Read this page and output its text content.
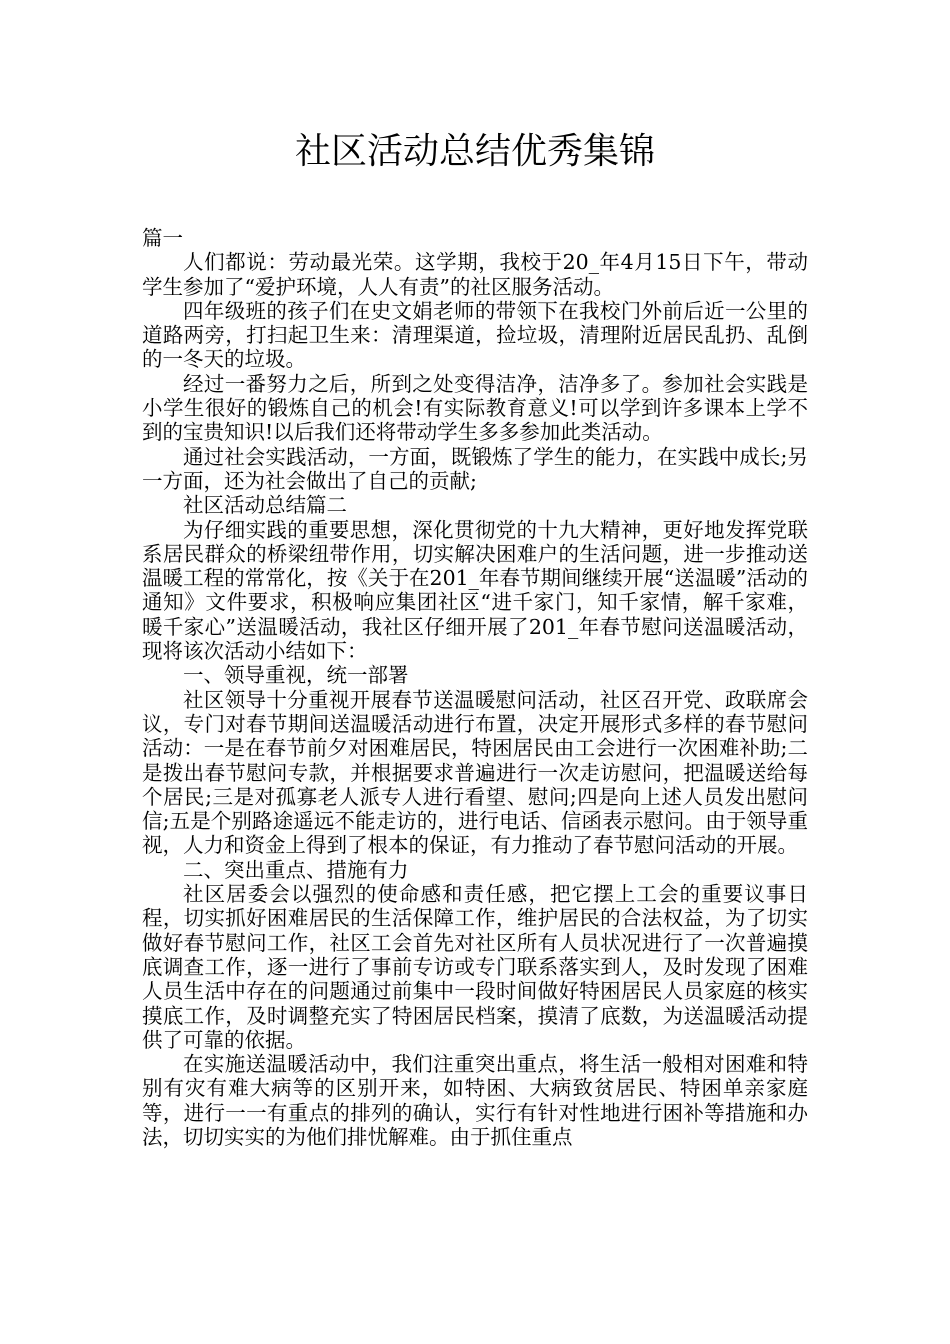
社区活动总结优秀集锦

篇一

人们都说：劳动最光荣。这学期，我校于20_年4月15日下午，带动学生参加了“爱护环境，人人有责”的社区服务活动。

四年级班的孩子们在史文娟老师的带领下在我校门外前后近一公里的道路两旁，打扫起卫生来：清理渠道，捡垃圾，清理附近居民乱扔、乱倒的一冬天的垃圾。

经过一番努力之后，所到之处变得洁净，洁净多了。参加社会实践是小学生很好的锻炼自己的机会!有实际教育意义!可以学到许多课本上学不到的宝贵知识!以后我们还将带动学生多多参加此类活动。

通过社会实践活动，一方面，既锻炼了学生的能力，在实践中成长;另一方面，还为社会做出了自己的贡献;

社区活动总结篇二

为仔细实践的重要思想，深化贯彻党的十九大精神，更好地发挥党联系居民群众的桥梁纽带作用，切实解决困难户的生活问题，进一步推动送温暖工程的常常化，按《关于在201_年春节期间继续开展“送温暖”活动的通知》文件要求，积极响应集团社区“进千家门，知千家情，解千家难，暖千家心”送温暖活动，我社区仔细开展了201_年春节慰问送温暖活动，现将该次活动小结如下：

一、领导重视，统一部署

社区领导十分重视开展春节送温暖慰问活动，社区召开党、政联席会议，专门对春节期间送温暖活动进行布置，决定开展形式多样的春节慰问活动：一是在春节前夕对困难居民，特困居民由工会进行一次困难补助;二是拨出春节慰问专款，并根据要求普遍进行一次走访慰问，把温暖送给每个居民;三是对孤寡老人派专人进行看望、慰问;四是向上述人员发出慰问信;五是个别路途遥远不能走访的，进行电话、信函表示慰问。由于领导重视，人力和资金上得到了根本的保证，有力推动了春节慰问活动的开展。

二、突出重点、措施有力

社区居委会以强烈的使命感和责任感，把它摆上工会的重要议事日程，切实抓好困难居民的生活保障工作，维护居民的合法权益，为了切实做好春节慰问工作，社区工会首先对社区所有人员状况进行了一次普遍摸底调查工作，逐一进行了事前专访或专门联系落实到人，及时发现了困难人员生活中存在的问题通过前集中一段时间做好特困居民人员家庭的核实摸底工作，及时调整充实了特困居民档案，摸清了底数，为送温暖活动提供了可靠的依据。

在实施送温暖活动中，我们注重突出重点，将生活一般相对困难和特别有灾有难大病等的区别开来，如特困、大病致贫居民、特困单亲家庭等，进行一一有重点的排列的确认，实行有针对性地进行困补等措施和办法，切切实实的为他们排忧解难。由于抓住重点
